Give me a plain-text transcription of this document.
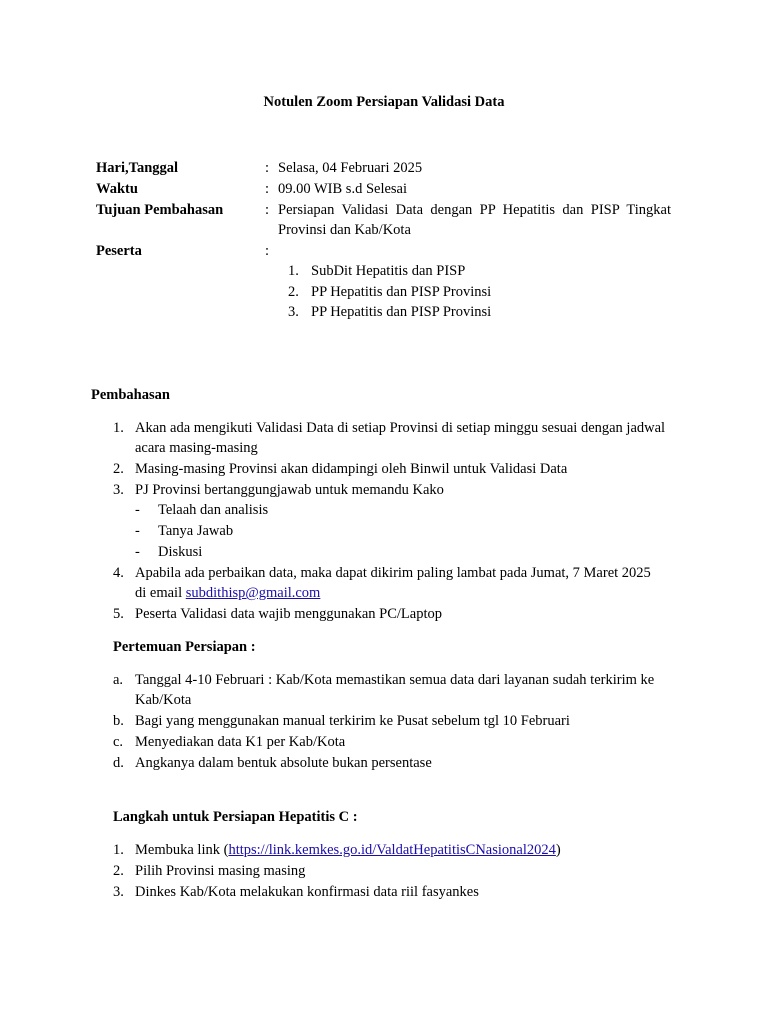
Notulen Zoom Persiapan Validasi Data
Hari,Tanggal	: Selasa, 04 Februari 2025
Waktu	: 09.00 WIB s.d Selesai
Tujuan Pembahasan	: Persiapan Validasi Data dengan PP Hepatitis dan PISP Tingkat
Provinsi dan Kab/Kota
Peserta	:
1. SubDit Hepatitis dan PISP
2. PP Hepatitis dan PISP Provinsi
3. PP Hepatitis dan PISP Provinsi
Pembahasan
1. Akan ada mengikuti Validasi Data di setiap Provinsi di setiap minggu sesuai dengan jadwal
acara masing-masing
2. Masing-masing Provinsi akan didampingi oleh Binwil untuk Validasi Data
3. PJ Provinsi bertanggungjawab untuk memandu Kako
- Telaah dan analisis
- Tanya Jawab
- Diskusi
4. Apabila ada perbaikan data, maka dapat dikirim paling lambat pada Jumat, 7 Maret 2025
di email subdithisp@gmail.com
5. Peserta Validasi data wajib menggunakan PC/Laptop
Pertemuan Persiapan :
a. Tanggal 4-10 Februari : Kab/Kota memastikan semua data dari layanan sudah terkirim ke
Kab/Kota
b. Bagi yang menggunakan manual terkirim ke Pusat sebelum tgl 10 Februari
c. Menyediakan data K1 per Kab/Kota
d. Angkanya dalam bentuk absolute bukan persentase
Langkah untuk Persiapan Hepatitis C :
1. Membuka link (https://link.kemkes.go.id/ValdatHepatitisCNasional2024)
2. Pilih Provinsi masing masing
3. Dinkes Kab/Kota melakukan konfirmasi data riil fasyankes
